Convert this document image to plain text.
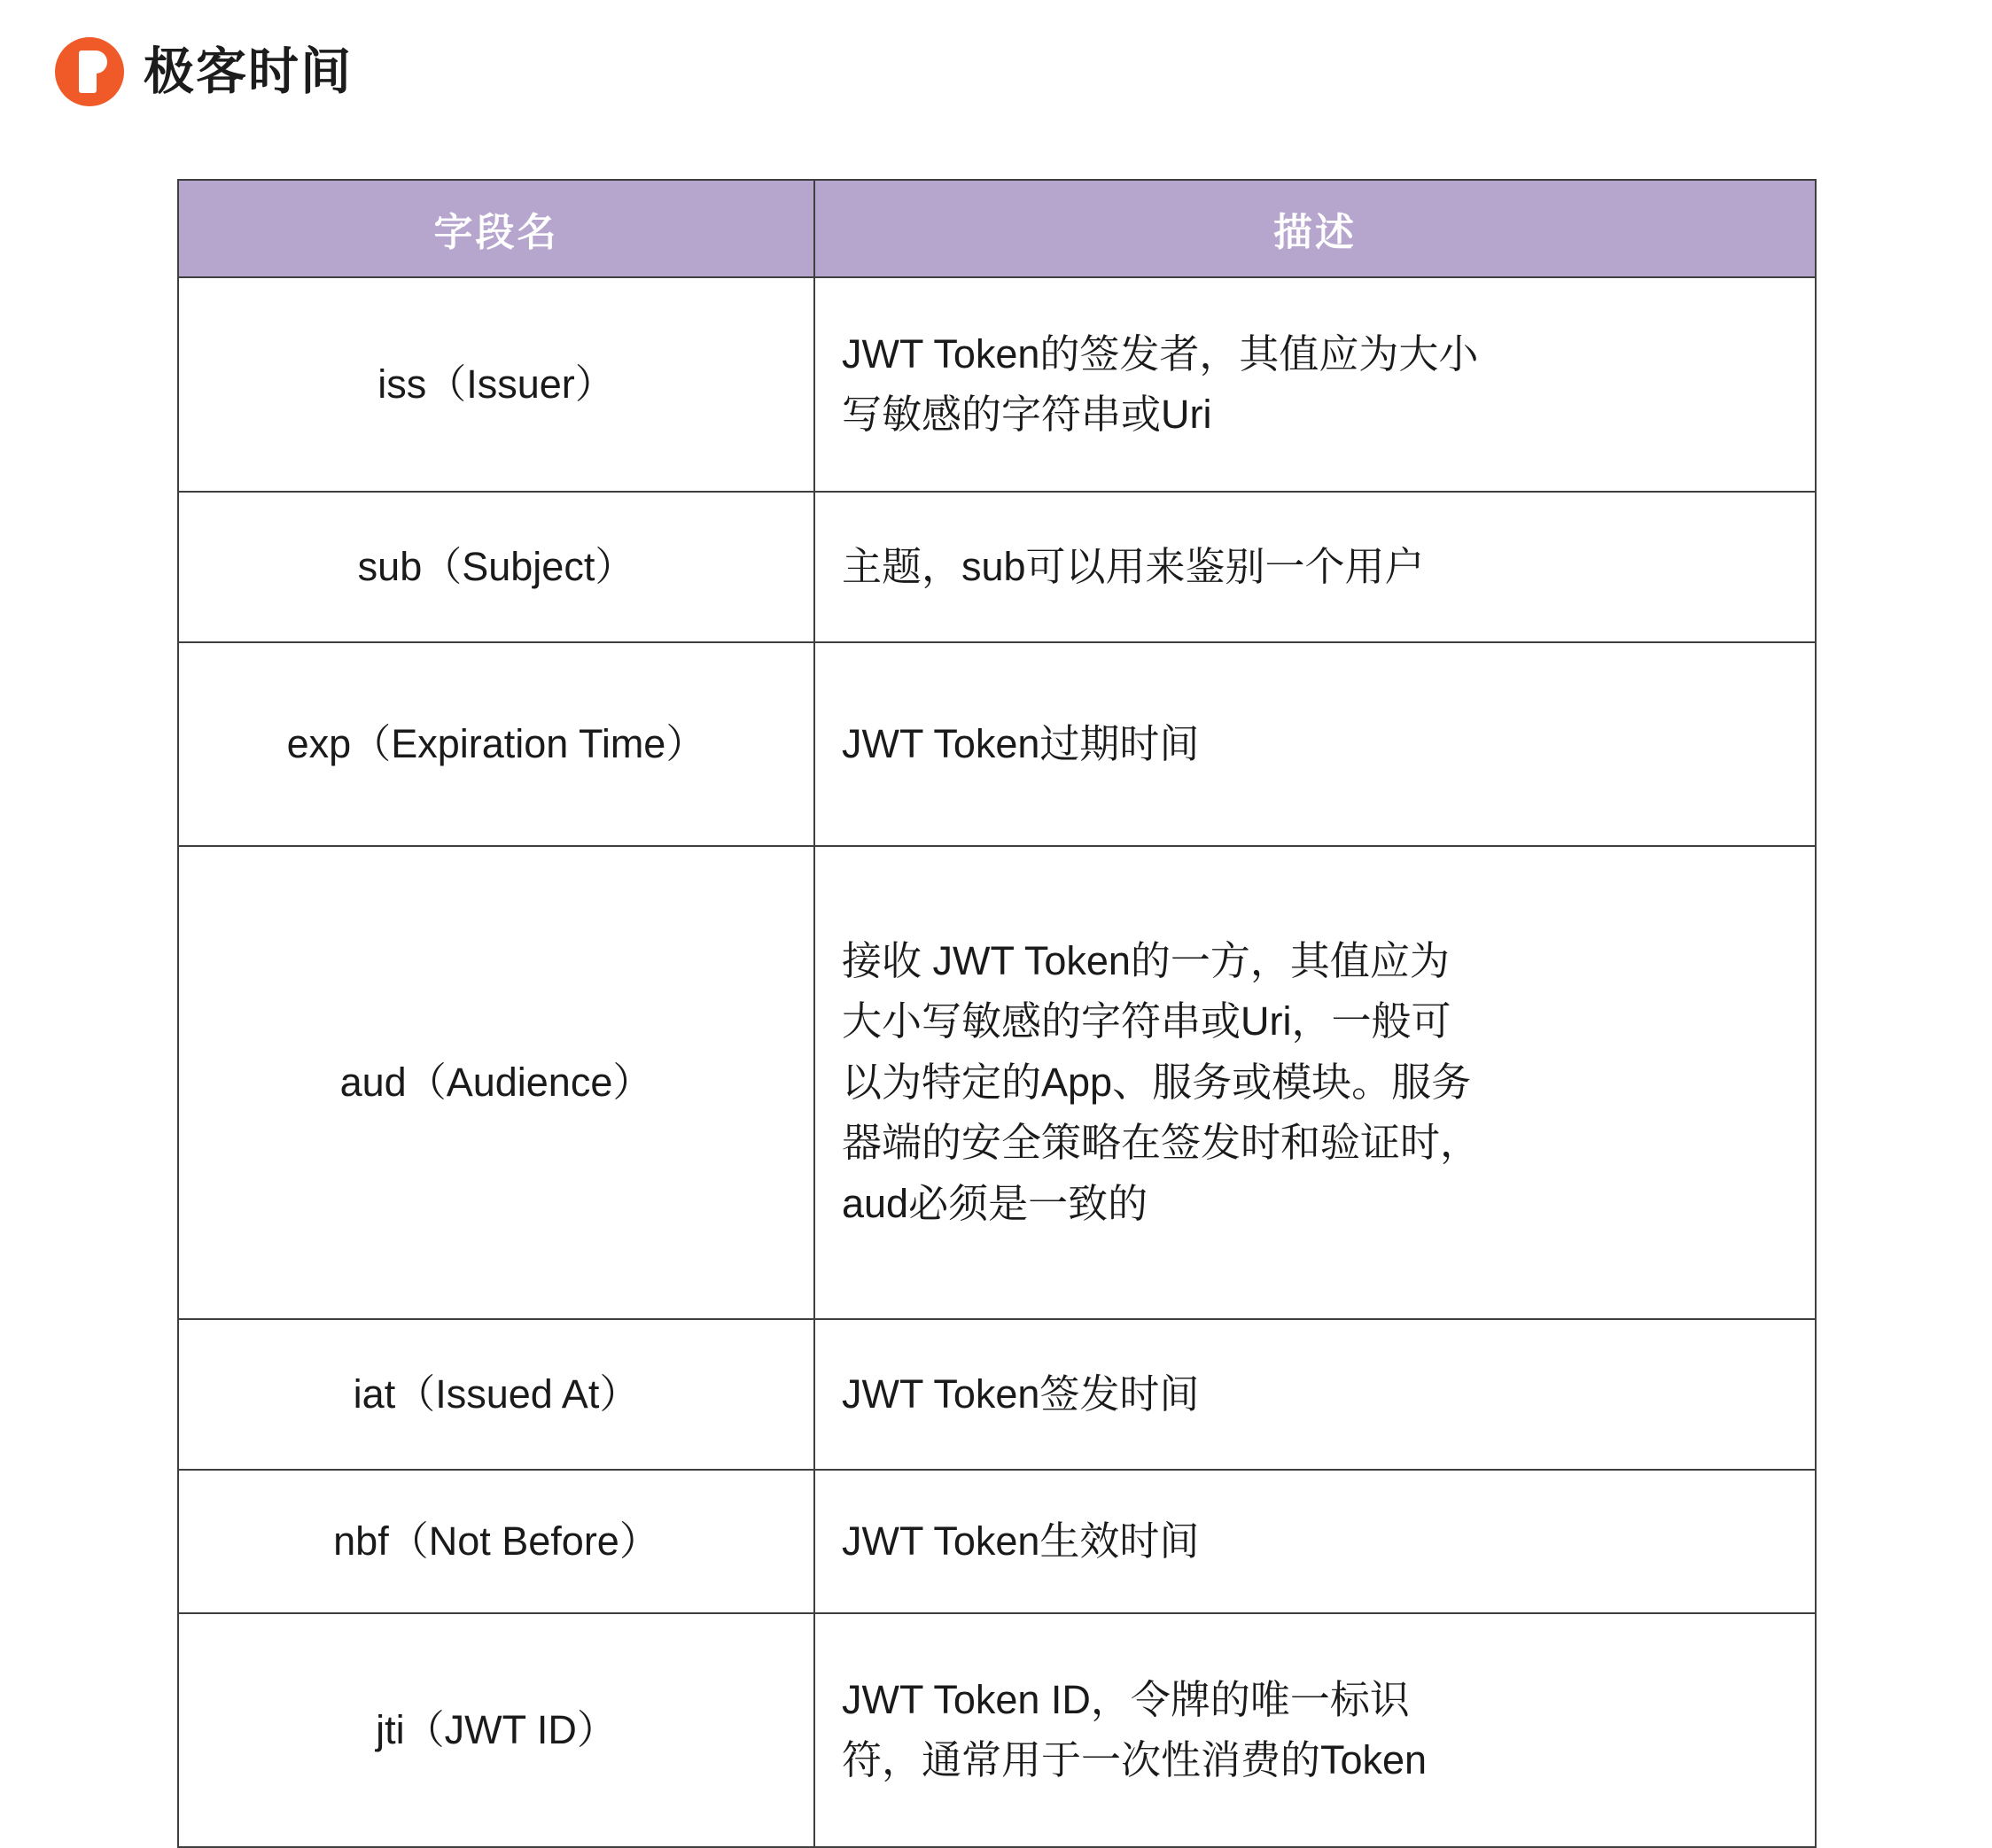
极客时间
字段名	描述
iss（Issuer）	JWT Token的签发者，其值应为大小
写敏感的字符串或Uri

sub（Subject）	主题，sub可以用来鉴别一个用户

exp（Expiration Time）	JWT Token过期时间

aud（Audience）	接收 JWT Token的一方，其值应为
大小写敏感的字符串或Uri，一般可
以为特定的App、服务或模块。服务
器端的安全策略在签发时和验证时，
aud必须是一致的

iat（Issued At）	JWT Token签发时间

nbf（Not Before）	JWT Token生效时间

jti（JWT ID）	JWT Token ID，令牌的唯一标识
符，通常用于一次性消费的Token
